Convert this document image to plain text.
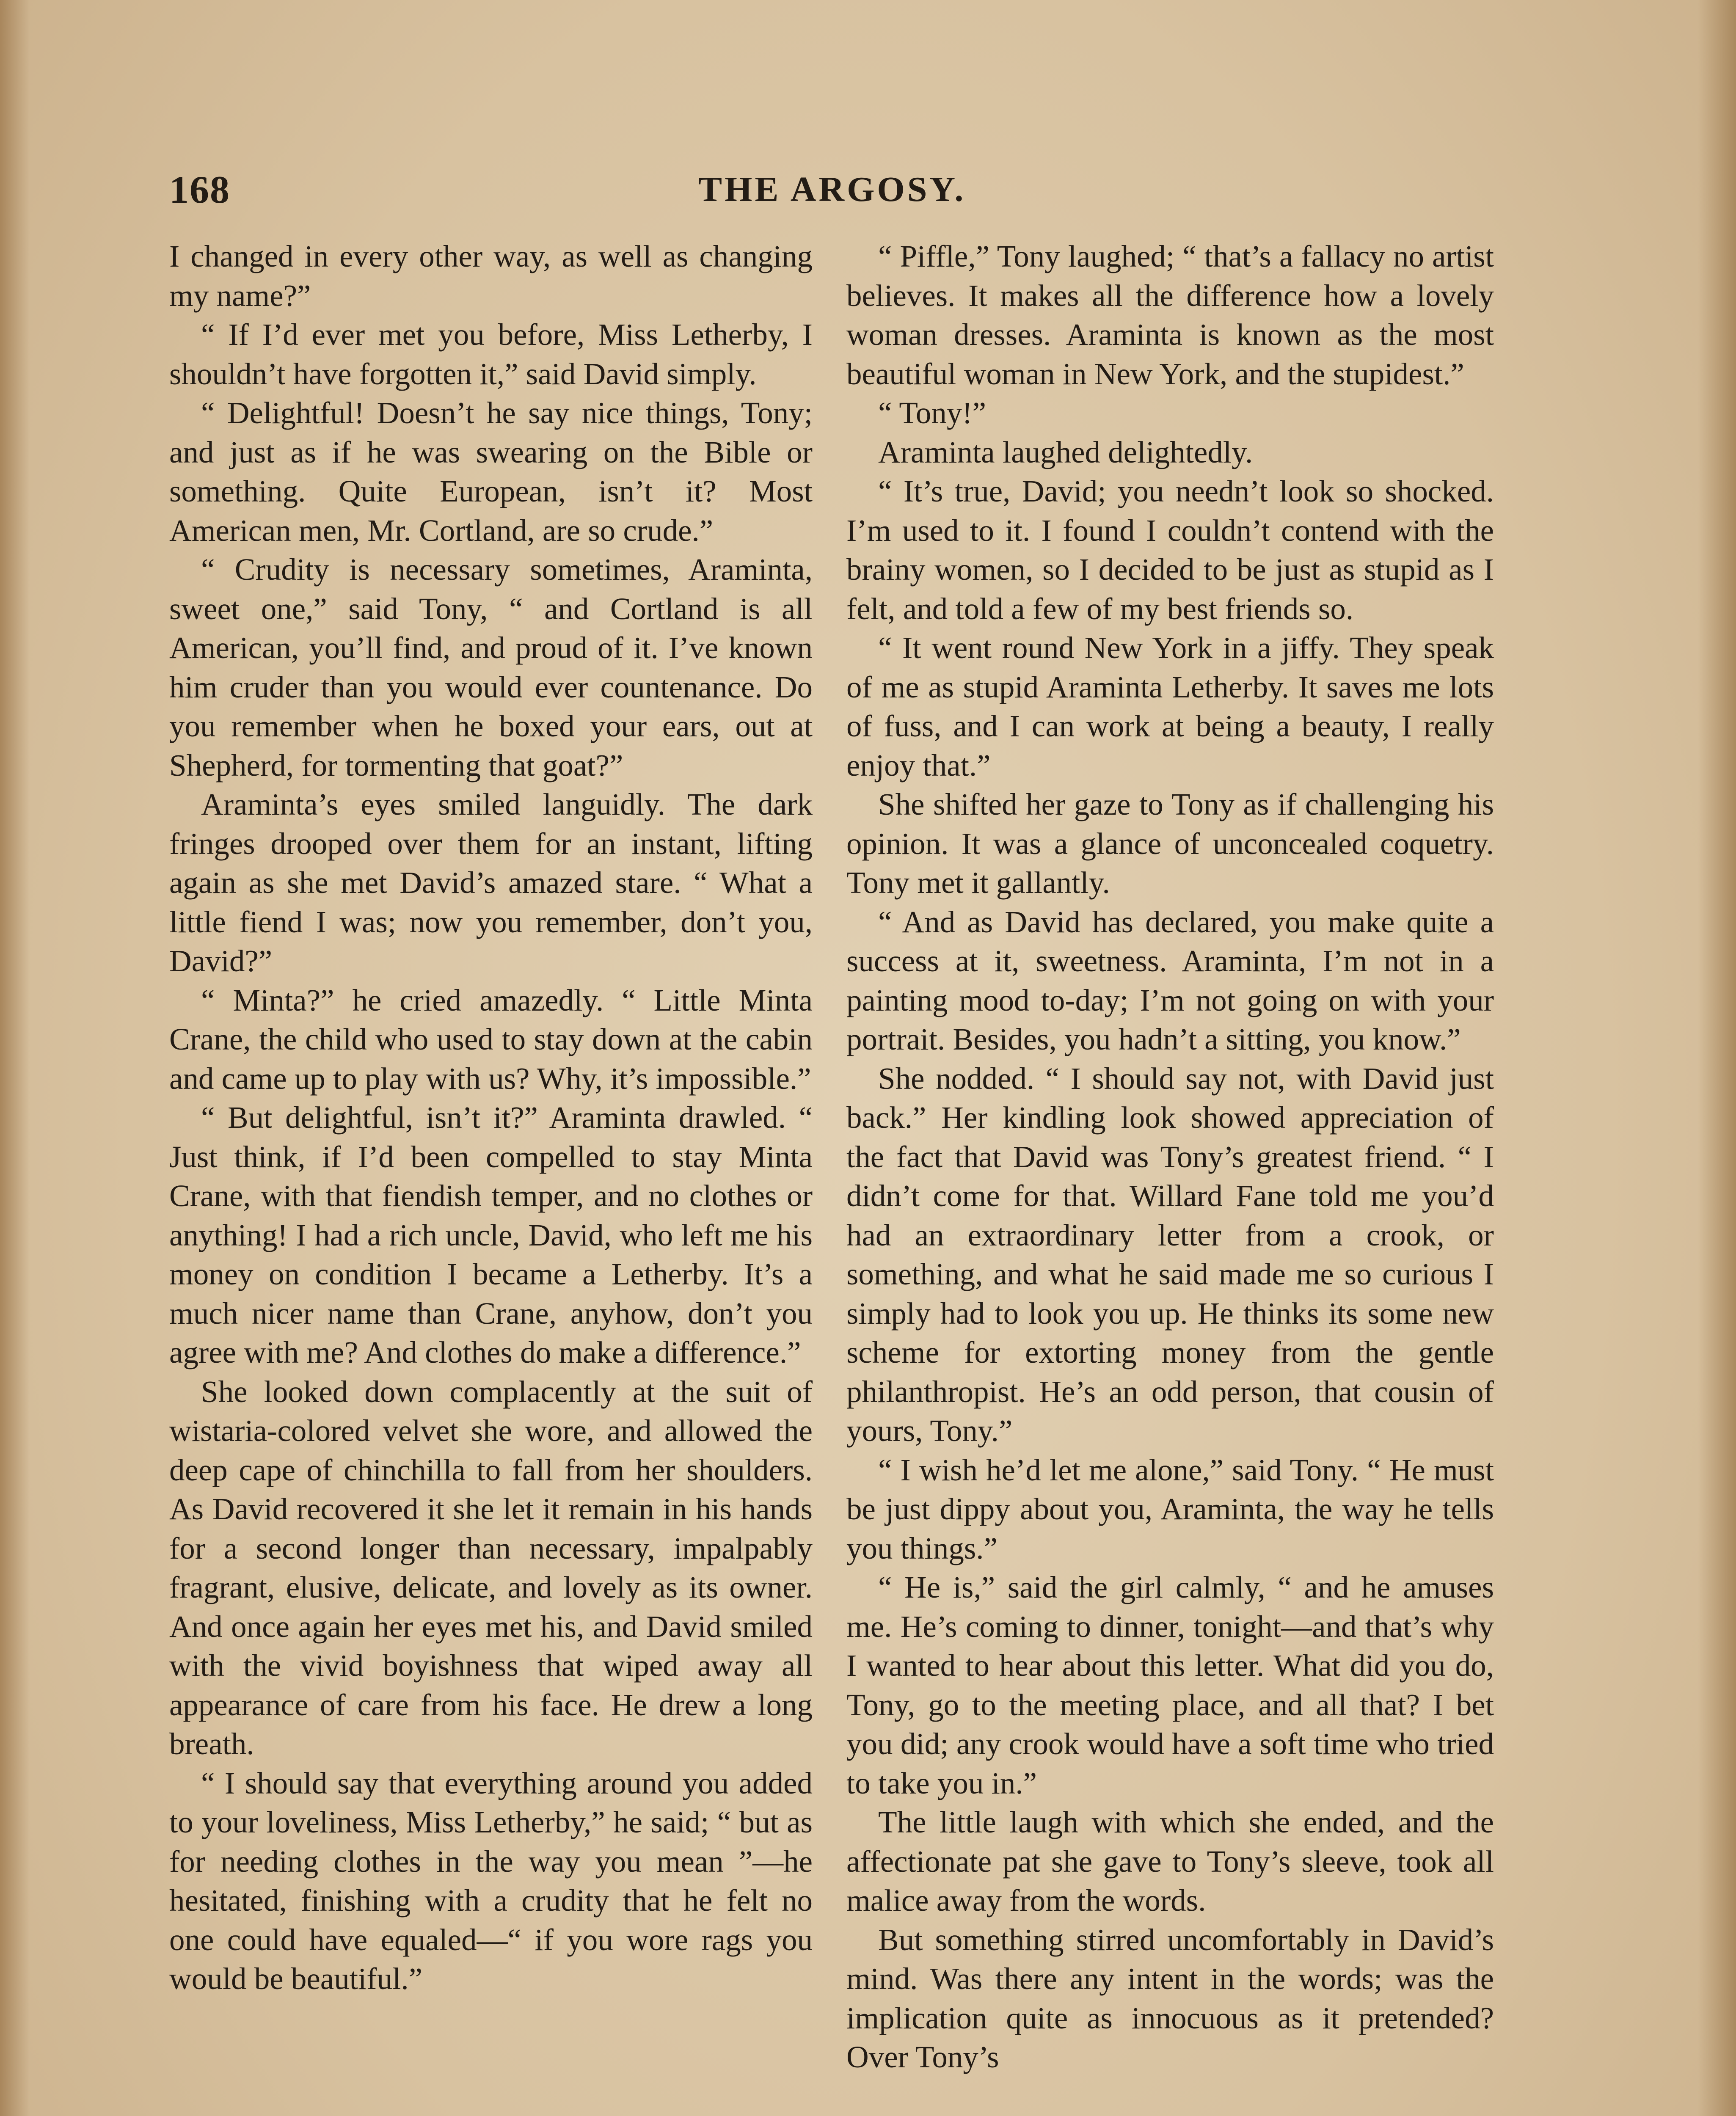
168	THE ARGOSY.

I changed in every other way, as well as changing my name?”

“ If I’d ever met you before, Miss Letherby, I shouldn’t have forgotten it,” said David simply.

“ Delightful! Doesn’t he say nice things, Tony; and just as if he was swearing on the Bible or something. Quite European, isn’t it? Most American men, Mr. Cortland, are so crude.”

“ Crudity is necessary sometimes, Araminta, sweet one,” said Tony, “ and Cortland is all American, you’ll find, and proud of it. I’ve known him cruder than you would ever countenance. Do you remember when he boxed your ears, out at Shepherd, for tormenting that goat?”

Araminta’s eyes smiled languidly. The dark fringes drooped over them for an instant, lifting again as she met David’s amazed stare. “ What a little fiend I was; now you remember, don’t you, David?”

“ Minta?” he cried amazedly. “ Little Minta Crane, the child who used to stay down at the cabin and came up to play with us? Why, it’s impossible.”

“ But delightful, isn’t it?” Araminta drawled. “ Just think, if I’d been compelled to stay Minta Crane, with that fiendish temper, and no clothes or anything! I had a rich uncle, David, who left me his money on condition I became a Letherby. It’s a much nicer name than Crane, anyhow, don’t you agree with me? And clothes do make a difference.”

She looked down complacently at the suit of wistaria-colored velvet she wore, and allowed the deep cape of chinchilla to fall from her shoulders. As David recovered it she let it remain in his hands for a second longer than necessary, impalpably fragrant, elusive, delicate, and lovely as its owner. And once again her eyes met his, and David smiled with the vivid boyishness that wiped away all appearance of care from his face. He drew a long breath.

“ I should say that everything around you added to your loveliness, Miss Letherby,” he said; “ but as for needing clothes in the way you mean ”—he hesitated, finishing with a crudity that he felt no one could have equaled—“ if you wore rags you would be beautiful.”

“ Piffle,” Tony laughed; “ that’s a fallacy no artist believes. It makes all the difference how a lovely woman dresses. Araminta is known as the most beautiful woman in New York, and the stupidest.”

“ Tony!”

Araminta laughed delightedly.

“ It’s true, David; you needn’t look so shocked. I’m used to it. I found I couldn’t contend with the brainy women, so I decided to be just as stupid as I felt, and told a few of my best friends so.

“ It went round New York in a jiffy. They speak of me as stupid Araminta Letherby. It saves me lots of fuss, and I can work at being a beauty, I really enjoy that.”

She shifted her gaze to Tony as if challenging his opinion. It was a glance of unconcealed coquetry. Tony met it gallantly.

“ And as David has declared, you make quite a success at it, sweetness. Araminta, I’m not in a painting mood to-day; I’m not going on with your portrait. Besides, you hadn’t a sitting, you know.”

She nodded. “ I should say not, with David just back.” Her kindling look showed appreciation of the fact that David was Tony’s greatest friend. “ I didn’t come for that. Willard Fane told me you’d had an extraordinary letter from a crook, or something, and what he said made me so curious I simply had to look you up. He thinks its some new scheme for extorting money from the gentle philanthropist. He’s an odd person, that cousin of yours, Tony.”

“ I wish he’d let me alone,” said Tony. “ He must be just dippy about you, Araminta, the way he tells you things.”

“ He is,” said the girl calmly, “ and he amuses me. He’s coming to dinner, tonight—and that’s why I wanted to hear about this letter. What did you do, Tony, go to the meeting place, and all that? I bet you did; any crook would have a soft time who tried to take you in.”

The little laugh with which she ended, and the affectionate pat she gave to Tony’s sleeve, took all malice away from the words.

But something stirred uncomfortably in David’s mind. Was there any intent in the words; was the implication quite as innocuous as it pretended? Over Tony’s
